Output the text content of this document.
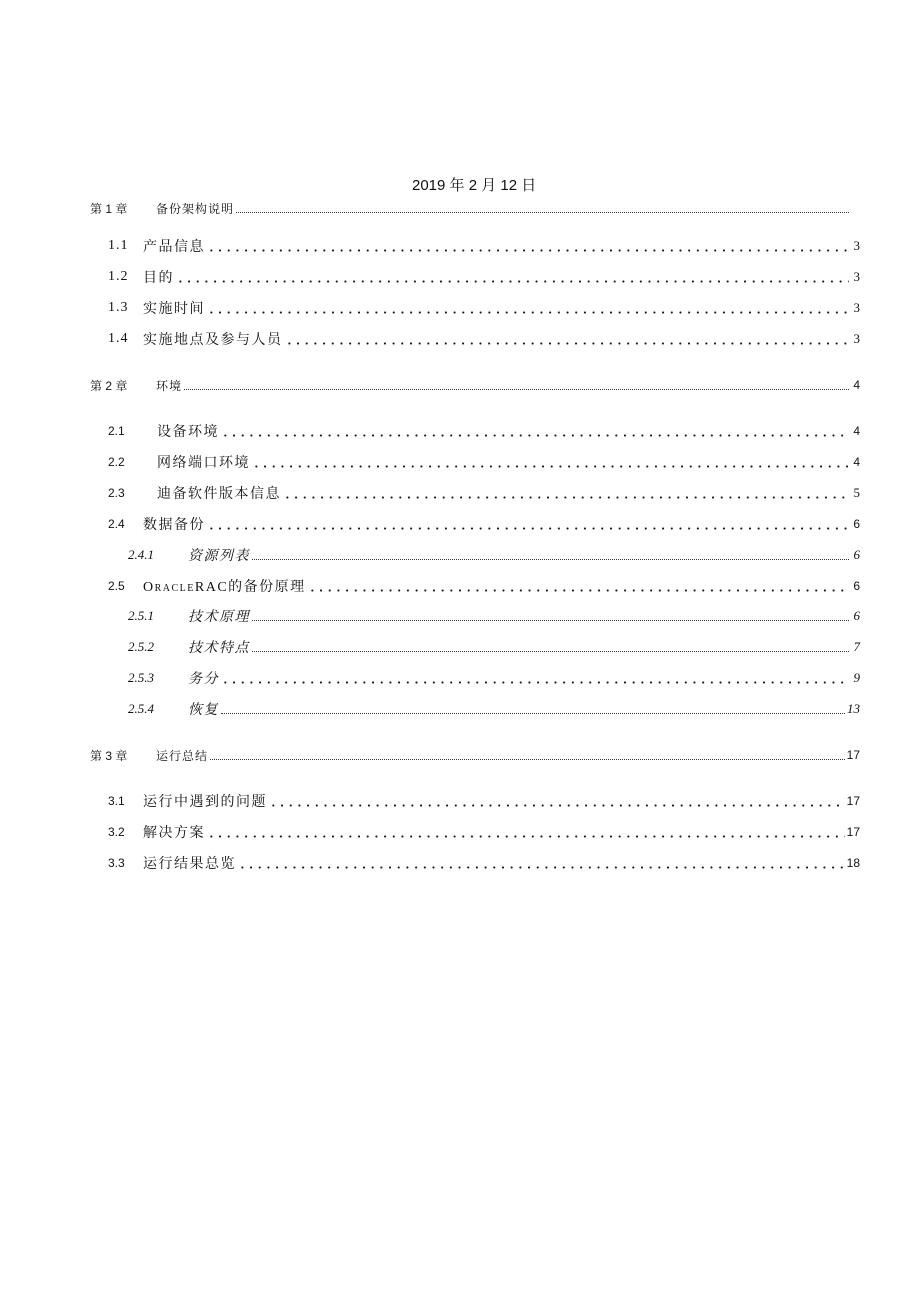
2019 年 2 月 12 日
第 1 章	备份架构说明
1.1	产品信息	3
1.2	目的	3
1.3	实施时间	3
1.4	实施地点及参与人员	3
第 2 章	环境	4
2.1	设备环境	4
2.2	网络端口环境	4
2.3	迪备软件版本信息	5
2.4	数据备份	6
2.4.1	资源列表	6
2.5	OracleRAC的备份原理	6
2.5.1	技术原理	6
2.5.2	技术特点	7
2.5.3	务分	9
2.5.4	恢复	13
第 3 章	运行总结	17
3.1	运行中遇到的问题	17
3.2	解决方案	17
3.3	运行结果总览	18
